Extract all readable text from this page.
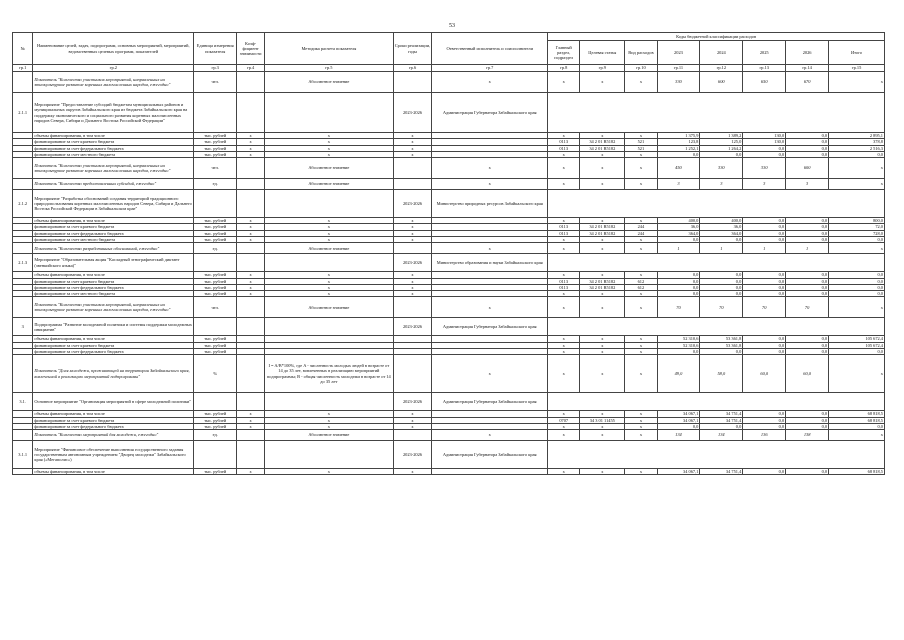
53
№	Наименование целей, задач, подпрограмм, основных мероприятий, мероприятий, ведомственных целевых программ, показателей	Единица измерения показателя	Коэффициент значимости	Методика расчета показателя	Сроки реализации, годы	Ответственный исполнитель и соисполнители	Коды бюджетной классификации расходов							
							Главный раздел, подраздел	Целевая статья	Вид расходов	2023	2024	2025	2026	Итого
гр.1	гр.2	гр.3	гр.4	гр.5	гр.6	гр.7	гр.8	гр.9	гр.10	гр.11	гр.12	гр.13	гр.14	гр.15
	Показатель "Количество участников мероприятий, направленных на этнокультурное развитие коренных малочисленных народов, ежегодно"	чел.		Абсолютное значение		x	x	x	x	330	600	650	670	x
2.1.1	Мероприятие "Предоставление субсидий бюджетам муниципальных районов и муниципальных округов Забайкальского края из бюджета Забайкальского края на поддержку экономического и социального развития коренных малочисленных народов Севера, Сибири и Дальнего Востока Российской Федерации"				2023-2026	Администрация Губернатора Забайкальского края								
	объемы финансирования, в том числе	тыс. рублей	x	x	x		x	x	x	1 375,9	1 389,2	130,0	0,0	2 895,1
	финансирование за счет краевого бюджета	тыс. рублей	x	x	x		0113	34 2 01 R5182	521	123,8	125,0	130,0	0,0	378,8
	финансирование за счет федерального бюджета	тыс. рублей	x	x	x		0113	34 2 01 R5182	521	1 252,1	1 264,2	0,0	0,0	2 516,3
	финансирование за счет местного бюджета	тыс. рублей	x	x	x		x	x	x	0,0	0,0	0,0	0,0	0,0
	Показатель "Количество участников мероприятий, направленных на этнокультурное развитие коренных малочисленных народов, ежегодно"	чел.		Абсолютное значение		x	x	x	x	450	330	330	600	x
	Показатель "Количество предоставленных субсидий, ежегодно"	ед.		Абсолютное значение		x	x	x	x	3	3	3	3	x
2.1.2	Мероприятие "Разработка обоснований создания территорий традиционного природопользования коренных малочисленных народов Севера, Сибири и Дальнего Востока Российской Федерации в Забайкальском крае"				2023-2026	Министерство природных ресурсов Забайкальского края								
	объемы финансирования, в том числе	тыс. рублей	x	x	x		x	x	x	400,0	400,0	0,0	0,0	800,0
	финансирование за счет краевого бюджета	тыс. рублей	x	x	x		0113	34 2 01 R5182	244	36,0	36,0	0,0	0,0	72,0
	финансирование за счет федерального бюджета	тыс. рублей	x	x	x		0113	34 2 01 R5182	244	364,0	364,0	0,0	0,0	728,0
	финансирование за счет местного бюджета	тыс. рублей	x	x	x		x	x	x	0,0	0,0	0,0	0,0	0,0
	Показатель "Количество разработанных обоснований, ежегодно"	ед.		Абсолютное значение		x	x	x	x	1	1	1	1	x
2.1.3	Мероприятие "Образовательная акция "Касладный этнографический диктант (эвенкийского языка)"				2023-2026	Министерство образования и науки Забайкальского края								
	объемы финансирования, в том числе	тыс. рублей	x	x	x		x	x	x	0,0	0,0	0,0	0,0	0,0
	финансирование за счет краевого бюджета	тыс. рублей	x	x	x		0113	34 2 01 R5182	612	0,0	0,0	0,0	0,0	0,0
	финансирование за счет федерального бюджета	тыс. рублей	x	x	x		0113	34 2 01 R5182	612	0,0	0,0	0,0	0,0	0,0
	финансирование за счет местного бюджета	тыс. рублей	x	x	x		x	x	x	0,0	0,0	0,0	0,0	0,0
	Показатель "Количество участников мероприятий, направленных на этнокультурное развитие коренных малочисленных народов, ежегодно"	чел.		Абсолютное значение		x	x	x	x	70	70	70	70	x
3	Подпрограмма "Развитие молодежной политики и системы поддержки молодежных инициатив"				2023-2026	Администрация Губернатора Забайкальского края								
	объемы финансирования, в том числе	тыс. рублей					x	x	x	52 310,6	53 361,8	0,0	0,0	105 672,4
	финансирование за счет краевого бюджета	тыс. рублей					x	x	x	52 310,6	53 361,8	0,0	0,0	105 672,4
	финансирование за счет федерального бюджета	тыс. рублей					x	x	x	0,0	0,0	0,0	0,0	0,0
	Показатель "Доля молодежи, проживающей на территории Забайкальского края, вовлеченной в реализацию мероприятий подпрограммы"	%		I = A/B*100%, где A - численность молодых людей в возрасте от 14 до 35 лет, вовлеченных в реализацию мероприятий подпрограммы; B - общая численность молодежи в возрасте от 14 до 35 лет		x	x	x	x	49,0	58,0	60,0	60,0	x
3.1.	Основное мероприятие "Организация мероприятий в сфере молодежной политики"				2023-2026	Администрация Губернатора Забайкальского края								
	объемы финансирования, в том числе	тыс. рублей	x	x	x		x	x	x	34 067,1	34 751,4	0,0	0,0	68 818,5
	финансирование за счет краевого бюджета	тыс. рублей	x	x	x		0707	34 3 01 11455	x	34 067,1	34 751,4	0,0	0,0	68 818,5
	финансирование за счет федерального бюджета	тыс. рублей	x	x	x		x	x	x	0,0	0,0	0,0	0,0	0,0
	Показатель "Количество мероприятий для молодежи, ежегодно"	ед.		Абсолютное значение		x	x	x	x	134	134	136	138	x
3.1.1	Мероприятие "Финансовое обеспечение выполнения государственного задания государственным автономным учреждением "Дворец молодежи" Забайкальского края («Мегаполис»)				2023-2026	Администрация Губернатора Забайкальского края								
	объемы финансирования, в том числе	тыс. рублей	x	x	x		x	x	x	34 067,1	34 751,4	0,0	0,0	68 818,5
